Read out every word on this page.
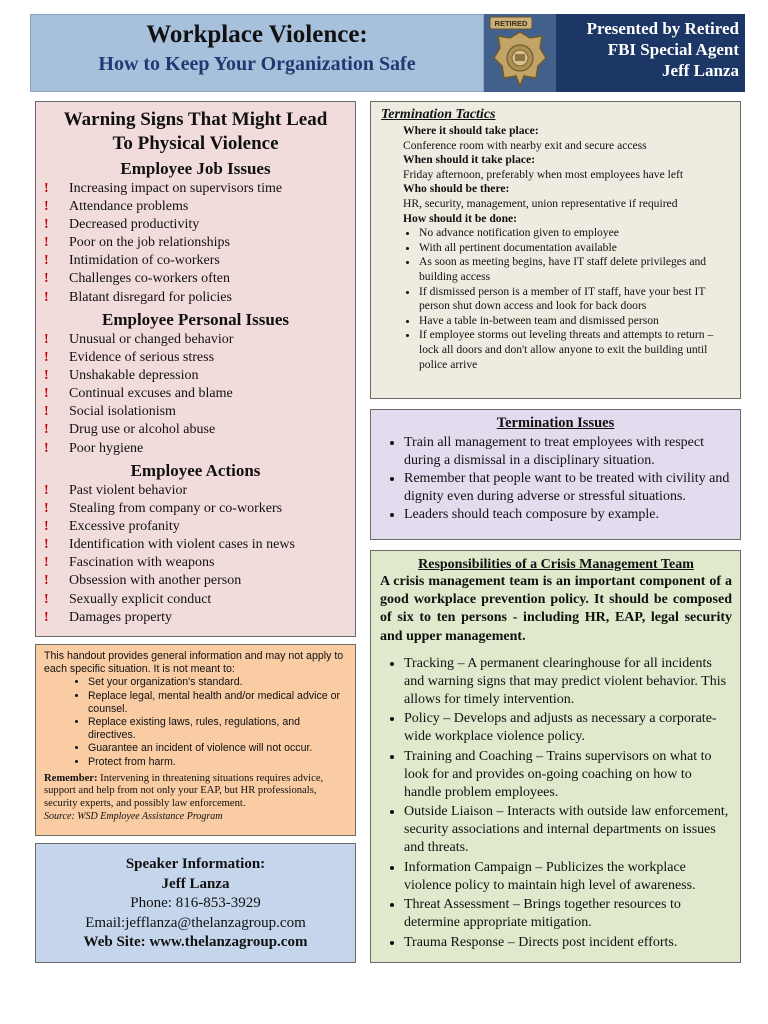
Workplace Violence:
How to Keep Your Organization Safe
RETIRED	Presented by Retired
FBI Special Agent
Jeff Lanza
Warning Signs That Might Lead
To Physical Violence
Employee Job Issues
! Increasing impact on supervisors time
! Attendance problems
! Decreased productivity
! Poor on the job relationships
! Intimidation of co-workers
! Challenges co-workers often
! Blatant disregard for policies
Employee Personal Issues
! Unusual or changed behavior
! Evidence of serious stress
! Unshakable depression
! Continual excuses and blame
! Social isolationism
! Drug use or alcohol abuse
! Poor hygiene
Employee Actions
! Past violent behavior
! Stealing from company or co-workers
! Excessive profanity
! Identification with violent cases in news
! Fascination with weapons
! Obsession with another person
! Sexually explicit conduct
! Damages property
This handout provides general information and may not apply to each specific situation. It is not meant to:
• Set your organization's standard.
• Replace legal, mental health and/or medical advice or counsel.
• Replace existing laws, rules, regulations, and directives.
• Guarantee an incident of violence will not occur.
• Protect from harm.
Remember: Intervening in threatening situations requires advice, support and help from not only your EAP, but HR professionals, security experts, and possibly law enforcement.
Source: WSD Employee Assistance Program
Speaker Information:
Jeff Lanza
Phone: 816-853-3929
Email:jefflanza@thelanzagroup.com
Web Site: www.thelanzagroup.com
Termination Tactics
Where it should take place:
Conference room with nearby exit and secure access
When should it take place:
Friday afternoon, preferably when most employees have left
Who should be there:
HR, security, management, union representative if required
How should it be done:
• No advance notification given to employee
• With all pertinent documentation available
• As soon as meeting begins, have IT staff delete privileges and building access
• If dismissed person is a member of IT staff, have your best IT person shut down access and look for back doors
• Have a table in-between team and dismissed person
• If employee storms out leveling threats and attempts to return – lock all doors and don't allow anyone to exit the building until police arrive
Termination Issues
• Train all management to treat employees with respect during a dismissal in a disciplinary situation.
• Remember that people want to be treated with civility and dignity even during adverse or stressful situations.
• Leaders should teach composure by example.
Responsibilities of a Crisis Management Team
A crisis management team is an important component of a good workplace prevention policy. It should be composed of six to ten persons - including HR, EAP, legal security and upper management.
• Tracking – A permanent clearinghouse for all incidents and warning signs that may predict violent behavior. This allows for timely intervention.
• Policy – Develops and adjusts as necessary a corporate-wide workplace violence policy.
• Training and Coaching – Trains supervisors on what to look for and provides on-going coaching on how to handle problem employees.
• Outside Liaison – Interacts with outside law enforcement, security associations and internal departments on issues and threats.
• Information Campaign – Publicizes the workplace violence policy to maintain high level of awareness.
• Threat Assessment – Brings together resources to determine appropriate mitigation.
• Trauma Response – Directs post incident efforts.
